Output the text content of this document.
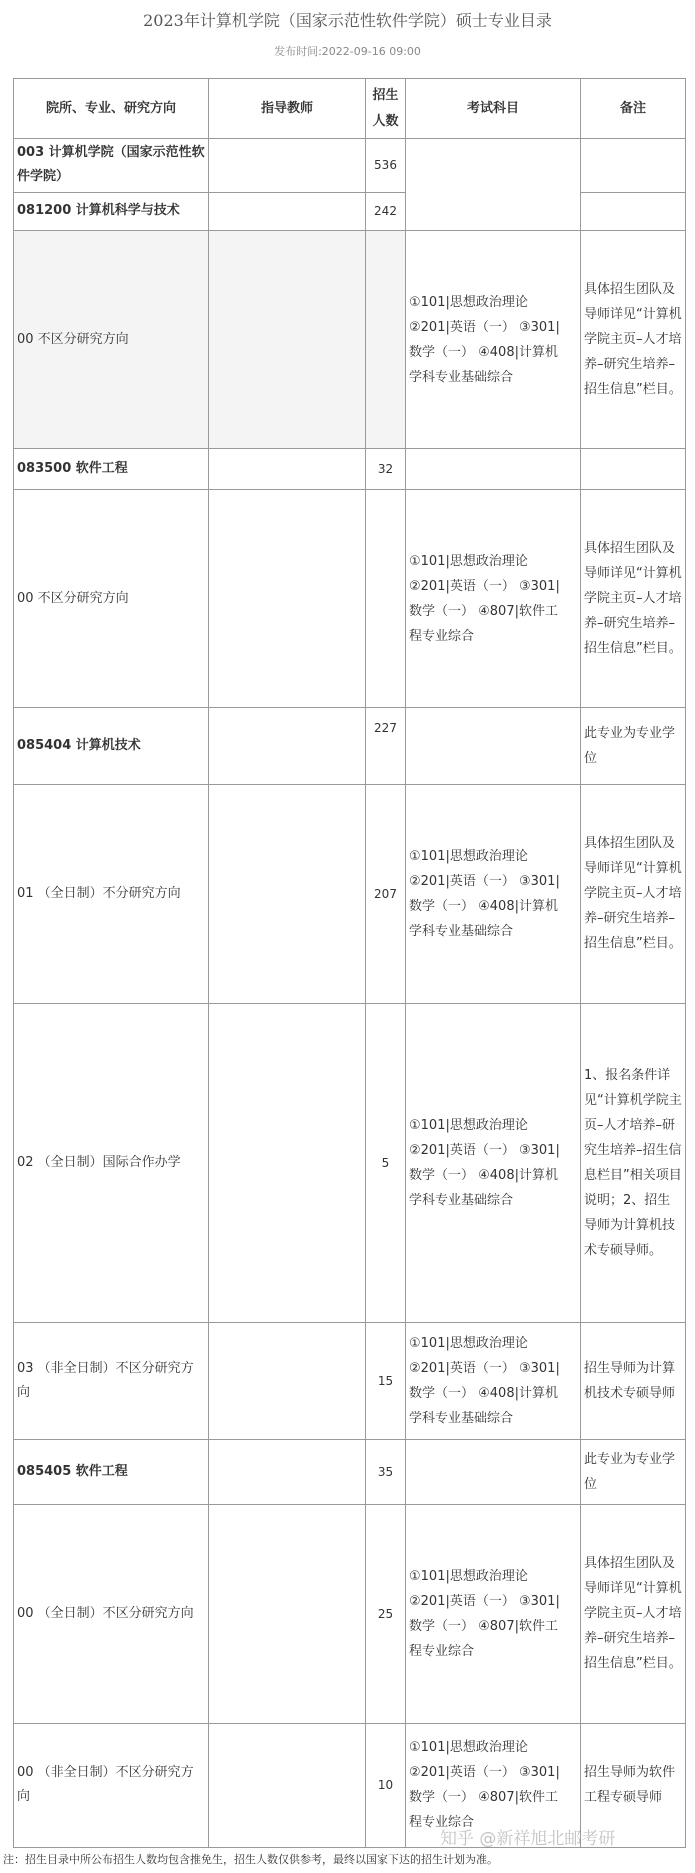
2023年计算机学院（国家示范性软件学院）硕士专业目录
发布时间:2022-09-16 09:00
院所、专业、研究方向	指导教师	招生人数	考试科目	备注
003 计算机学院（国家示范性软件学院）		536		
081200 计算机科学与技术		242		
00 不区分研究方向			①101|思想政治理论
②201|英语（一） ③301|
数学（一） ④408|计算机
学科专业基础综合	具体招生团队及导师详见“计算机学院主页–人才培养–研究生培养–招生信息”栏目。
083500 软件工程		32		
00 不区分研究方向			①101|思想政治理论
②201|英语（一） ③301|
数学（一） ④807|软件工
程专业综合	具体招生团队及导师详见“计算机学院主页–人才培养–研究生培养–招生信息”栏目。
085404 计算机技术		227		此专业为专业学位
01 （全日制）不分研究方向		207	①101|思想政治理论
②201|英语（一） ③301|
数学（一） ④408|计算机
学科专业基础综合	具体招生团队及导师详见“计算机学院主页–人才培养–研究生培养–招生信息”栏目。
02 （全日制）国际合作办学		5	①101|思想政治理论
②201|英语（一） ③301|
数学（一） ④408|计算机
学科专业基础综合	1、报名条件详见“计算机学院主页–人才培养–研究生培养–招生信息栏目”相关项目说明；2、招生导师为计算机技术专硕导师。
03 （非全日制）不区分研究方向		15	①101|思想政治理论
②201|英语（一） ③301|
数学（一） ④408|计算机
学科专业基础综合	招生导师为计算机技术专硕导师
085405 软件工程		35		此专业为专业学位
00 （全日制）不区分研究方向		25	①101|思想政治理论
②201|英语（一） ③301|
数学（一） ④807|软件工
程专业综合	具体招生团队及导师详见“计算机学院主页–人才培养–研究生培养–招生信息”栏目。
00 （非全日制）不区分研究方向		10	①101|思想政治理论
②201|英语（一） ③301|
数学（一） ④807|软件工
程专业综合	招生导师为软件工程专硕导师
知乎 @新祥旭北邮考研
注：招生目录中所公布招生人数均包含推免生，招生人数仅供参考，最终以国家下达的招生计划为准。
